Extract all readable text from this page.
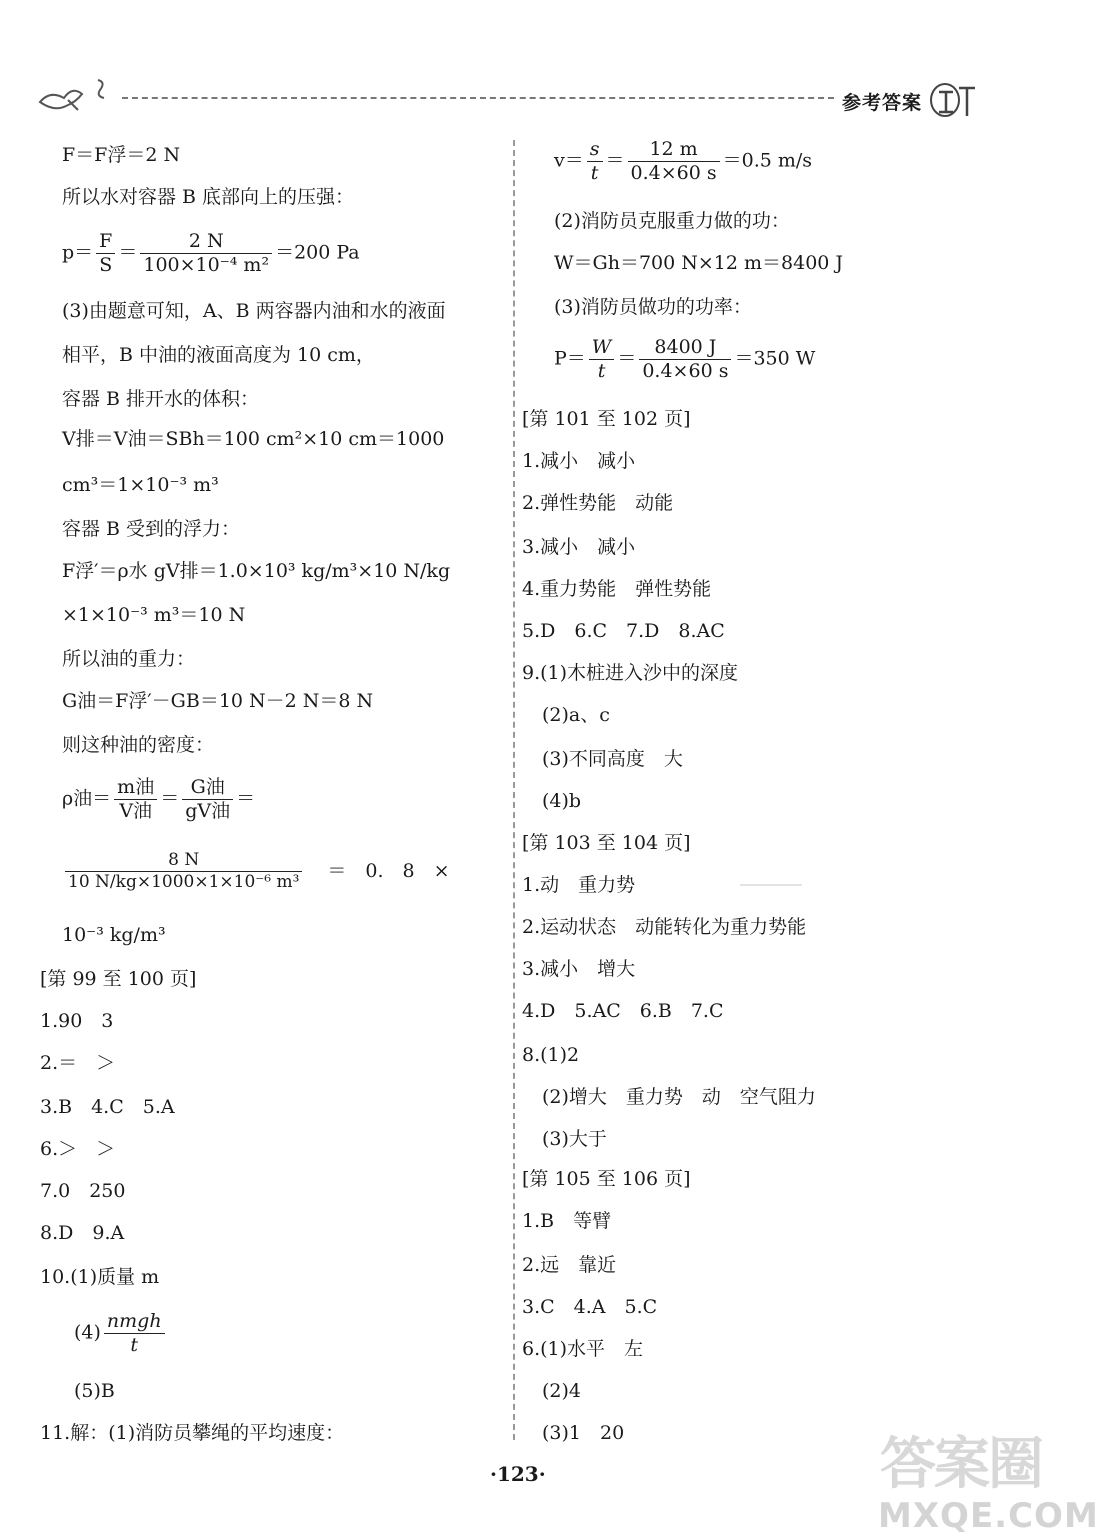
参考答案
F＝F浮＝2 N
所以水对容器 B 底部向上的压强：
$p= \frac{F}{S} = \frac{2 N}{\text{100×10⁻⁴ m²}} =200$ Pa
(3)由题意可知，A、B 两容器内油和水的液面
相平，B 中油的液面高度为 10 cm，
容器 B 排开水的体积：
V排＝V油＝SBh＝100 cm²×10 cm＝1000
cm³＝1×10⁻³ m³
容器 B 受到的浮力：
F浮′＝ρ水 gV排＝1.0×10³ kg/m³×10 N/kg
×1×10⁻³ m³＝10 N
所以油的重力：
G油＝F浮′－GB＝10 N－2 N＝8 N
则这种油的密度：
ρ油＝ $\frac{\text{m油}}{\text{V油}} = \frac{\text{G油}}{\text{gV油}}$ ＝
$\frac{8 N}{\text{10 N/kg×1000×1×10⁻⁶ m³}}$ ＝　0.　8　×
10⁻³ kg/m³
[第 99 至 100 页]
1.90　3
2.＝　＞
3.B　4.C　5.A
6.＞　＞
7.0　250
8.D　9.A
10.(1)质量 m
$(4) \frac{\text{nmgh}}{t}$
(5)B
11.解：(1)消防员攀绳的平均速度：
$v= \frac{s}{t} = \frac{12 m}{0.4\times 60 s} =0.5$ m/s
(2)消防员克服重力做的功：
W＝Gh＝700 N×12 m＝8400 J
(3)消防员做功的功率：
$P= \frac{W}{t} = \frac{8400 J}{0.4\times 60 s} =350$ W
[第 101 至 102 页]
1.减小　减小
2.弹性势能　动能
3.减小　减小
4.重力势能　弹性势能
5.D　6.C　7.D　8.AC
9.(1)木桩进入沙中的深度
(2)a、c
(3)不同高度　大
(4)b
[第 103 至 104 页]
1.动　重力势
2.运动状态　动能转化为重力势能
3.减小　增大
4.D　5.AC　6.B　7.C
8.(1)2
(2)增大　重力势　动　空气阻力
(3)大于
[第 105 至 106 页]
1.B　等臂
2.远　靠近
3.C　4.A　5.C
6.(1)水平　左
(2)4
(3)1　20
·123·	答案圈
MXQE.COM
